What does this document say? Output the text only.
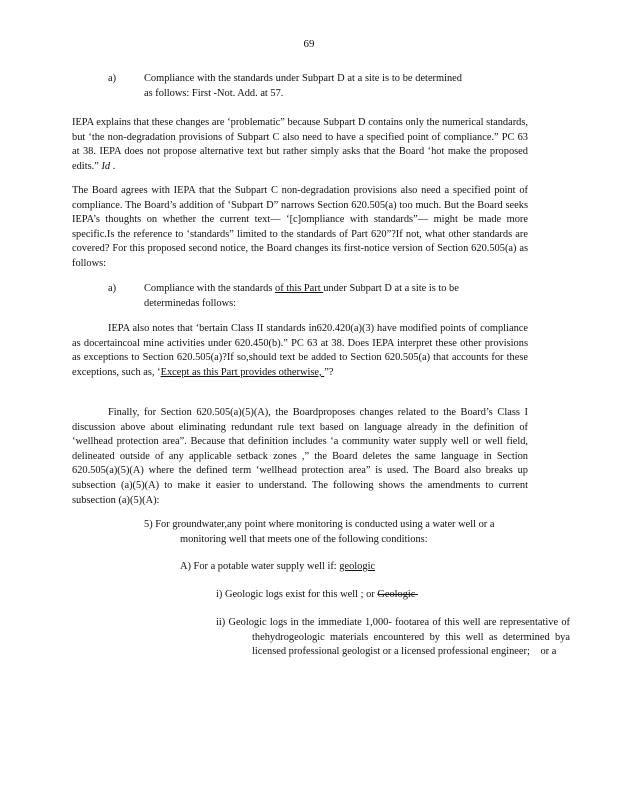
69
a)	Compliance with the standards under Subpart D at a site is to be determined as follows: First -Not. Add. at 57.
IEPA explains that these changes are ‘problematic” because Subpart D contains only the numerical standards, but ‘the non-degradation provisions of Subpart C also need to have a specified point of compliance.” PC 63 at 38. IEPA does not propose alternative text but rather simply asks that the Board ‘hot make the proposed edits.” Id .
The Board agrees with IEPA that the Subpart C non-degradation provisions also need a specified point of compliance. The Board’s addition of ‘Subpart D” narrows Section 620.505(a) too much. But the Board seeks IEPA’s thoughts on whether the current text— ‘[c]ompliance with standards”— might be made more specific.Is the reference to ‘standards” limited to the standards of Part 620”?If not, what other standards are covered? For this proposed second notice, the Board changes its first-notice version of Section 620.505(a) as follows:
a)	Compliance with the standards of this Part under Subpart D at a site is to be determinedas follows:
IEPA also notes that ‘bertain Class II standards in620.420(a)(3) have modified points of compliance as docertaincoal mine activities under 620.450(b).” PC 63 at 38. Does IEPA interpret these other provisions as exceptions to Section 620.505(a)?If so,should text be added to Section 620.505(a) that accounts for these exceptions, such as, ‘Except as this Part provides otherwise, ”?
Finally, for Section 620.505(a)(5)(A), the Boardproposes changes related to the Board’s Class I discussion above about eliminating redundant rule text based on language already in the definition of ‘wellhead protection area”. Because that definition includes ‘a community water supply well or well field, delineated outside of any applicable setback zones ,” the Board deletes the same language in Section 620.505(a)(5)(A) where the defined term ‘wellhead protection area” is used. The Board also breaks up subsection (a)(5)(A) to make it easier to understand. The following shows the amendments to current subsection (a)(5)(A):
5) For groundwater,any point where monitoring is conducted using a water well or a monitoring well that meets one of the following conditions:
A) For a potable water supply well if: geologic
i) Geologic logs exist for this well ; or Geologic
ii) Geologic logs in the immediate 1,000- footarea of this well are representative of thehydrogeologic materials encountered by this well as determined bya licensed professional geologist or a licensed professional engineer; or a
